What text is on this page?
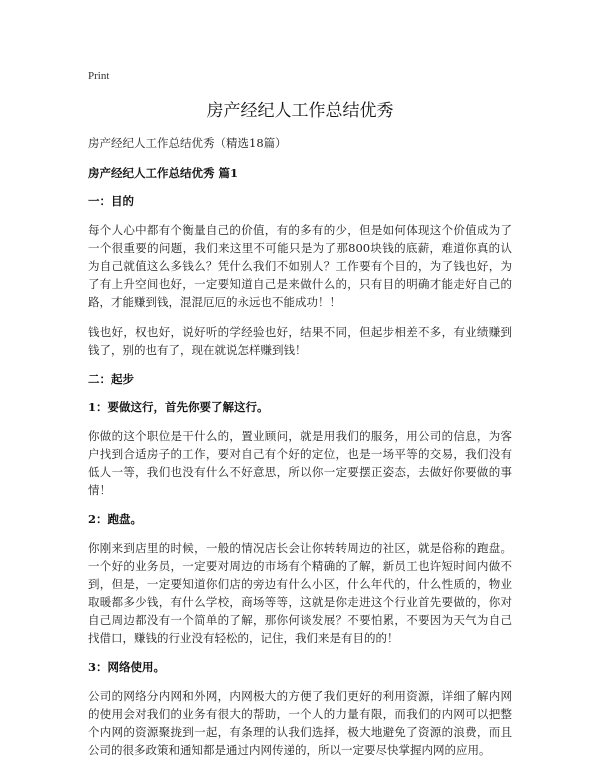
Print
房产经纪人工作总结优秀
房产经纪人工作总结优秀（精选18篇）
房产经纪人工作总结优秀 篇1
一：目的

每个人心中都有个衡量自己的价值，有的多有的少，但是如何体现这个价值成为了一个很重要的问题，我们来这里不可能只是为了那800块钱的底薪，难道你真的认为自己就值这么多钱么？凭什么我们不如别人？工作要有个目的，为了钱也好，为了有上升空间也好，一定要知道自己是来做什么的，只有目的明确才能走好自己的路，才能赚到钱，混混厄厄的永远也不能成功！！

钱也好，权也好，说好听的学经验也好，结果不同，但起步相差不多，有业绩赚到钱了，别的也有了，现在就说怎样赚到钱！

二：起步
1：要做这行，首先你要了解这行。

你做的这个职位是干什么的，置业顾问，就是用我们的服务，用公司的信息，为客户找到合适房子的工作，要对自己有个好的定位，也是一场平等的交易，我们没有低人一等，我们也没有什么不好意思，所以你一定要摆正姿态，去做好你要做的事情！

2：跑盘。

你刚来到店里的时候，一般的情况店长会让你转转周边的社区，就是俗称的跑盘。一个好的业务员，一定要对周边的市场有个精确的了解，新员工也许短时间内做不到，但是，一定要知道你们店的旁边有什么小区，什么年代的，什么性质的，物业取暖都多少钱，有什么学校，商场等等，这就是你走进这个行业首先要做的，你对自己周边都没有一个简单的了解，那你何谈发展？不要怕累，不要因为天气为自己找借口，赚钱的行业没有轻松的，记住，我们来是有目的的！

3：网络使用。

公司的网络分内网和外网，内网极大的方便了我们更好的利用资源，详细了解内网的使用会对我们的业务有很大的帮助，一个人的力量有限，而我们的内网可以把整个内网的资源聚拢到一起，有条理的认我们选择，极大地避免了资源的浪费，而且公司的很多政策和通知都是通过内网传递的，所以一定要尽快掌握内网的应用。
